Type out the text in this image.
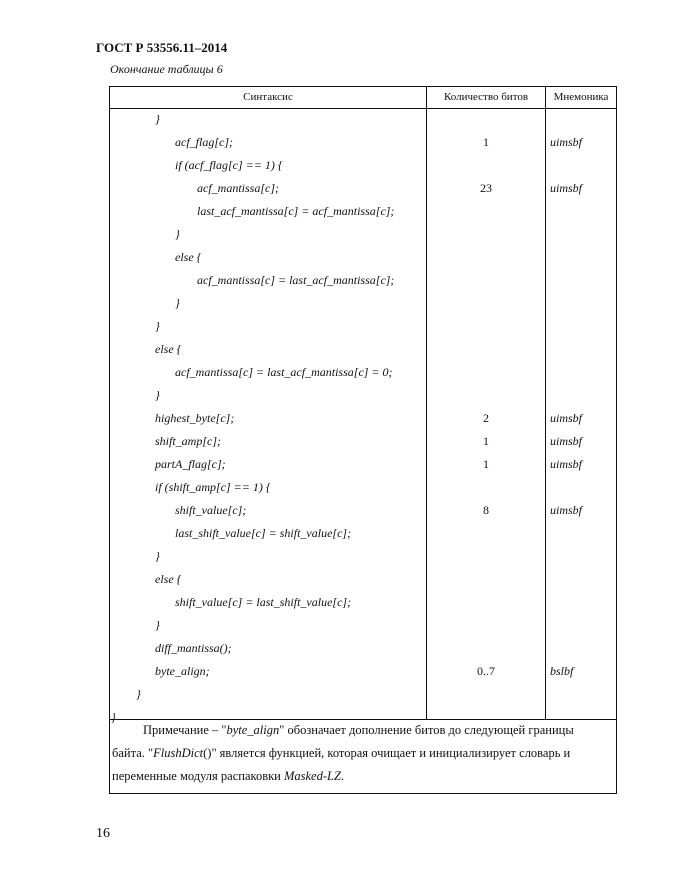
ГОСТ Р 53556.11–2014
Окончание таблицы 6
Синтаксис	Количество битов	Мнемоника
}
acf_flag[c];	1	uimsbf
if (acf_flag[c] == 1) {
acf_mantissa[c];	23	uimsbf
last_acf_mantissa[c] = acf_mantissa[c];
}
else {
acf_mantissa[c] = last_acf_mantissa[c];
}
}
else {
acf_mantissa[c] = last_acf_mantissa[c] = 0;
}
highest_byte[c];	2	uimsbf
shift_amp[c];	1	uimsbf
partA_flag[c];	1	uimsbf
if (shift_amp[c] == 1) {
shift_value[c];	8	uimsbf
last_shift_value[c] = shift_value[c];
}
else {
shift_value[c] = last_shift_value[c];
}
diff_mantissa();
byte_align;	0..7	bslbf
}
}
Примечание – "byte_align" обозначает дополнение битов до следующей границы байта. "FlushDict()" является функцией, которая очищает и инициализирует словарь и переменные модуля распаковки Masked-LZ.
16
